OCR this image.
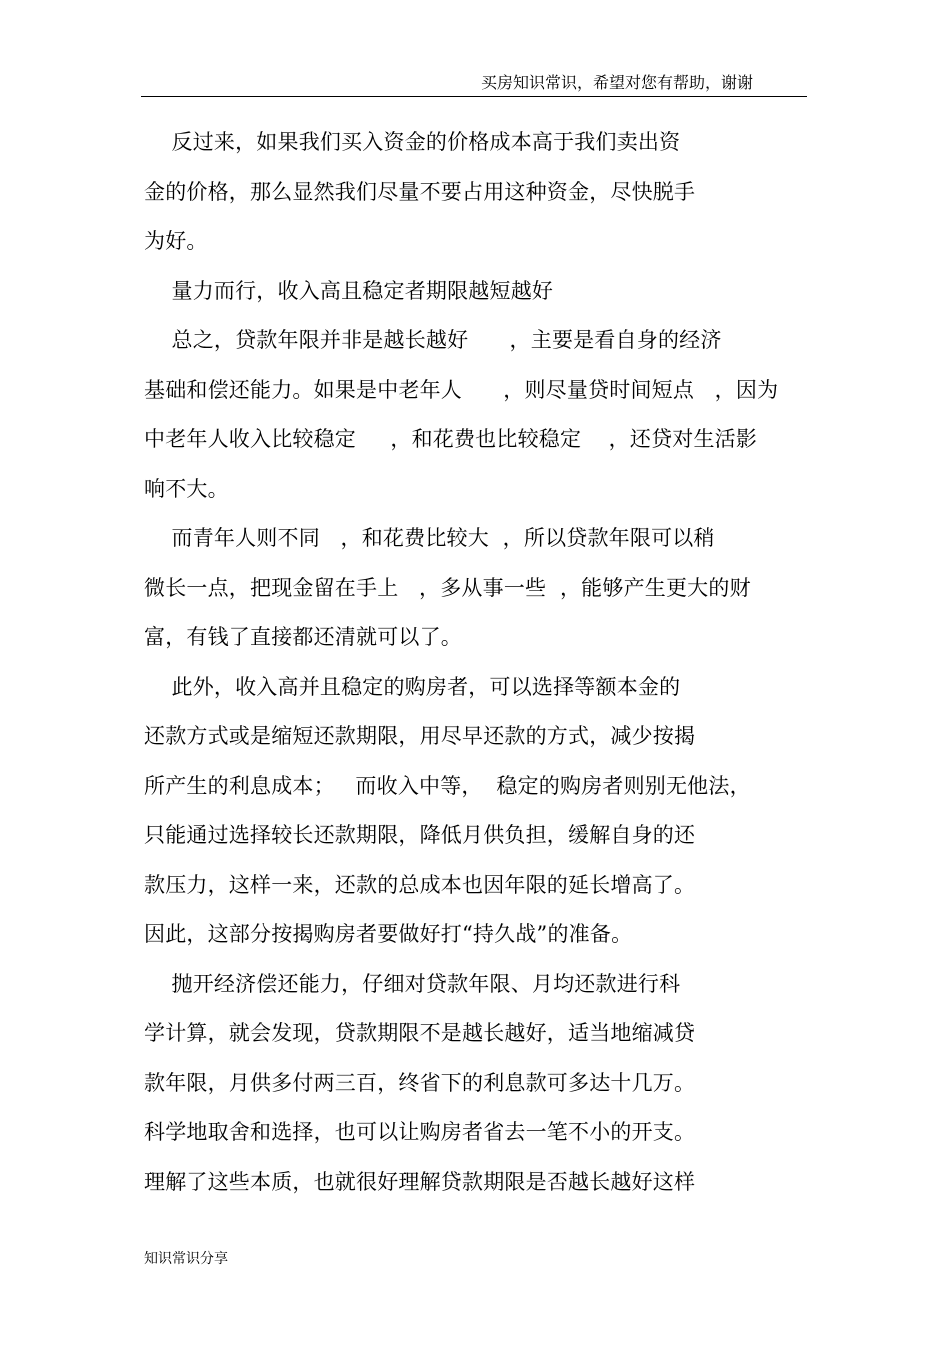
买房知识常识，希望对您有帮助，谢谢
反过来，如果我们买入资金的价格成本高于我们卖出资
金的价格，那么显然我们尽量不要占用这种资金，尽快脱手
为好。
量力而行，收入高且稳定者期限越短越好
总之，贷款年限并非是越长越好      ，主要是看自身的经济
基础和偿还能力。如果是中老年人      ，则尽量贷时间短点   ，因为
中老年人收入比较稳定     ，和花费也比较稳定    ，还贷对生活影
响不大。
而青年人则不同   ，和花费比较大  ，所以贷款年限可以稍
微长一点，把现金留在手上   ，多从事一些  ，能够产生更大的财
富，有钱了直接都还清就可以了。
此外，收入高并且稳定的购房者，可以选择等额本金的
还款方式或是缩短还款期限，用尽早还款的方式，减少按揭
所产生的利息成本；   而收入中等，  稳定的购房者则别无他法，
只能通过选择较长还款期限，降低月供负担，缓解自身的还
款压力，这样一来，还款的总成本也因年限的延长增高了。
因此，这部分按揭购房者要做好打“持久战”的准备。
抛开经济偿还能力，仔细对贷款年限、月均还款进行科
学计算，就会发现，贷款期限不是越长越好，适当地缩减贷
款年限，月供多付两三百，终省下的利息款可多达十几万。
科学地取舍和选择，也可以让购房者省去一笔不小的开支。
理解了这些本质，也就很好理解贷款期限是否越长越好这样
知识常识分享
